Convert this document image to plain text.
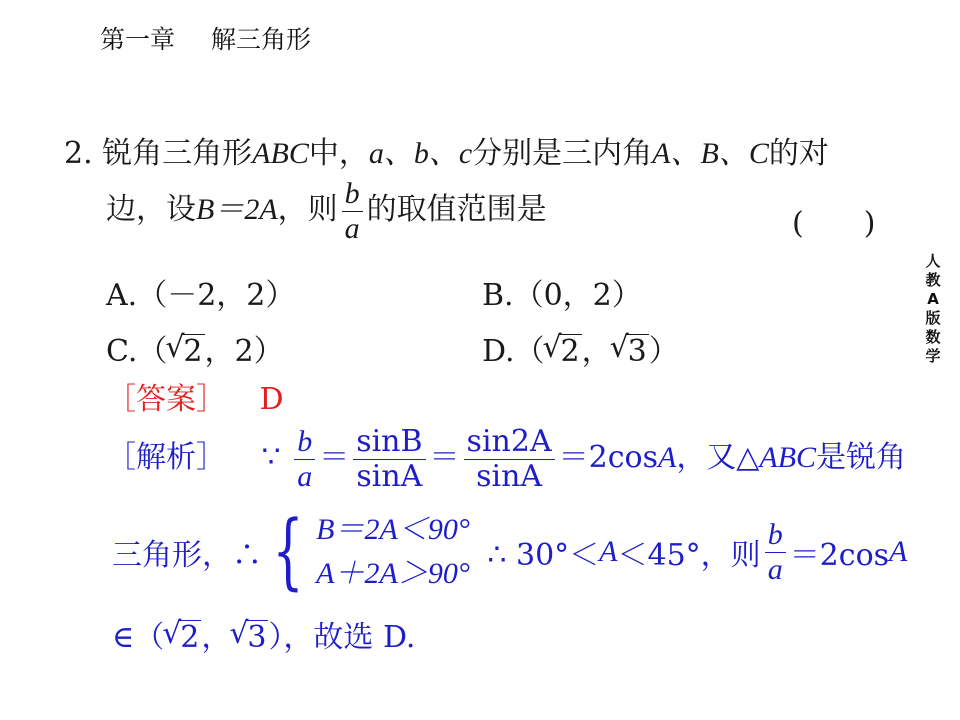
第一章 解三角形
人
教
A
版
数
学
2. 锐角三角形ABC中，a、b、c分别是三内角A、B、C的对
边，设B＝2A，则 $\frac{b}{a}$ 的取值范围是	(　　)
A.（－2，2）	B.（0，2）
C.（ √ 2，2）	D.（ √ 2， √ 3）
［答案］ D
［解析］ ∵ $\frac{b}{a} = \frac{\sin B}{\sin A} = \frac{\sin 2A}{\sin A} =2\cos A$，又△ABC是锐角
三角形，∴ { B＝2A＜90°
A＋2A＞90°
∴ 30°＜A＜45°，则 $\frac{b}{a} =2\cos A$
∈（ √ 2， √ 3），故选 D.
